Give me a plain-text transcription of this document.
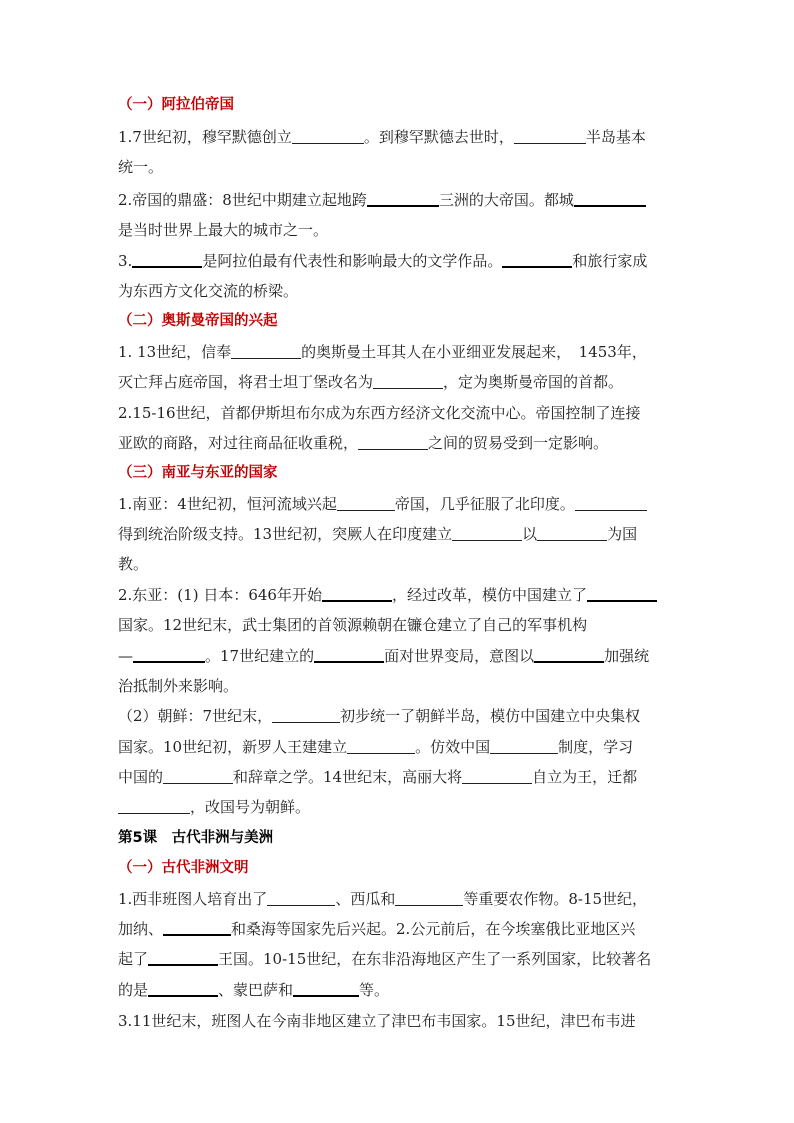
（一）阿拉伯帝国
1.7世纪初，穆罕默德创立	。到穆罕默德去世时，	半岛基本
统一。
2.帝国的鼎盛：8世纪中期建立起地跨	三洲的大帝国。都城
是当时世界上最大的城市之一。
3.	是阿拉伯最有代表性和影响最大的文学作品。	和旅行家成
为东西方文化交流的桥梁。
（二）奥斯曼帝国的兴起
1. 13世纪，信奉	的奥斯曼土耳其人在小亚细亚发展起来，　1453年，
灭亡拜占庭帝国，将君士坦丁堡改名为	，定为奥斯曼帝国的首都。
2.15-16世纪，首都伊斯坦布尔成为东西方经济文化交流中心。帝国控制了连接
亚欧的商路，对过往商品征收重税，	之间的贸易受到一定影响。
（三）南亚与东亚的国家
1.南亚：4世纪初，恒河流域兴起	帝国，几乎征服了北印度。
得到统治阶级支持。13世纪初，突厥人在印度建立	以	为国
教。
2.东亚：(1) 日本：646年开始	，经过改革，模仿中国建立了
国家。12世纪末，武士集团的首领源赖朝在镰仓建立了自己的军事机构
—	。17世纪建立的	面对世界变局，意图以	加强统
治抵制外来影响。
（2）朝鲜：7世纪末，	初步统一了朝鲜半岛，模仿中国建立中央集权
国家。10世纪初，新罗人王建建立	。仿效中国	制度，学习
中国的	和辞章之学。14世纪末，高丽大将	自立为王，迁都
，改国号为朝鲜。
第5课　古代非洲与美洲
（一）古代非洲文明
1.西非班图人培育出了	、西瓜和	等重要农作物。8-15世纪，
加纳、	和桑海等国家先后兴起。2.公元前后，在今埃塞俄比亚地区兴
起了	王国。10-15世纪，在东非沿海地区产生了一系列国家，比较著名
的是	、蒙巴萨和	等。
3.11世纪末，班图人在今南非地区建立了津巴布韦国家。15世纪，津巴布韦进
